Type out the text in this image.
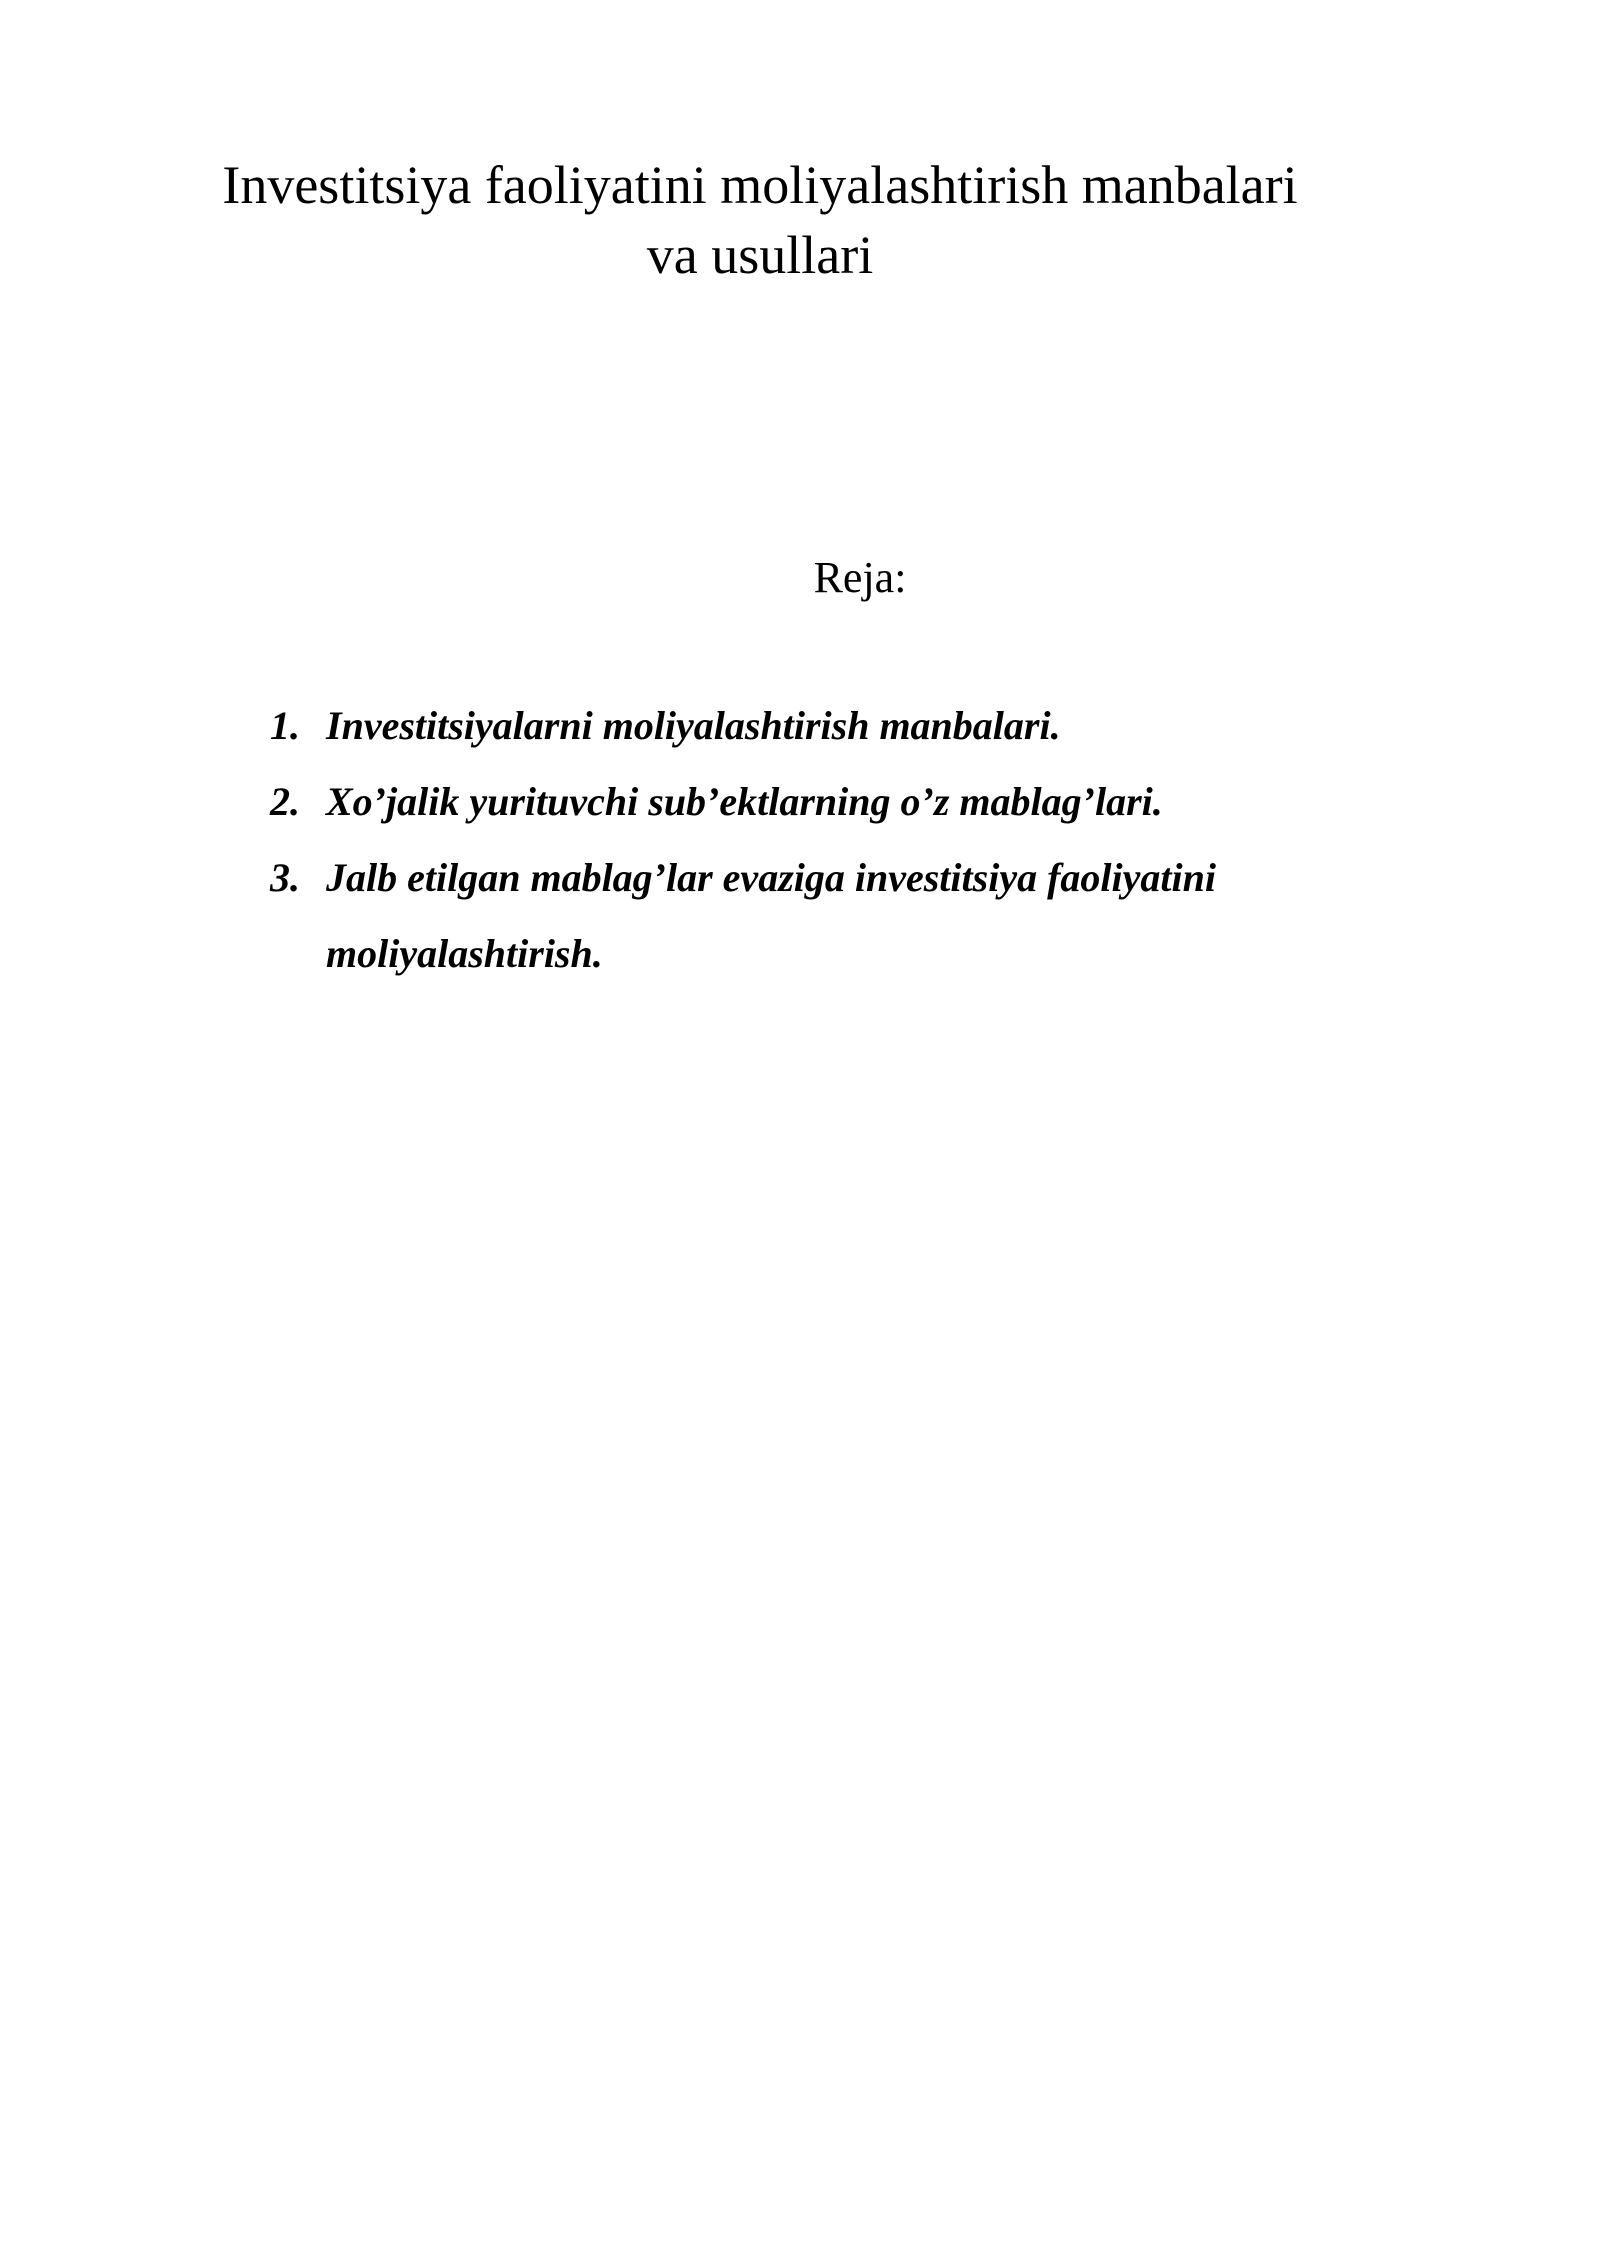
Investitsiya faoliyatini moliyalashtirish manbalari va usullari
Reja:
1. Investitsiyalarni moliyalashtirish manbalari.
2. Xo’jalik yurituvchi sub’ektlarning o’z mablag’lari.
3. Jalb etilgan mablag’lar evaziga investitsiya faoliyatini moliyalashtirish.
